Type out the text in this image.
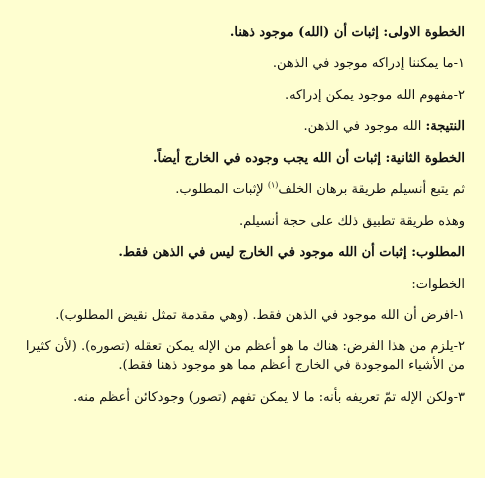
الخطوة الاولى: إثبات أن (الله) موجود ذهنا.

١-ما يمكننا إدراكه موجود في الذهن.

٢-مفهوم الله موجود يمكن إدراكه.

النتيجة: الله موجود في الذهن.

الخطوة الثانية: إثبات أن الله يجب وجوده في الخارج أيضاً.

ثم يتبع أنسيلم طريقة برهان الخلف$^{(١)}$ لإثبات المطلوب.

وهذه طريقة تطبيق ذلك على حجة أنسيلم.

المطلوب: إثبات أن الله موجود في الخارج ليس في الذهن فقط.

الخطوات:

١-افرض أن الله موجود في الذهن فقط. (وهي مقدمة تمثل نقيض المطلوب).

٢-يلزم من هذا الفرض: هناك ما هو أعظم من الإله يمكن تعقله (تصوره). (لأن كثيرا من الأشياء الموجودة في الخارج أعظم مما هو موجود ذهنا فقط).

٣-ولكن الإله تمّ تعريفه بأنه: ما لا يمكن تفهم (تصور) وجودكائن أعظم منه.
